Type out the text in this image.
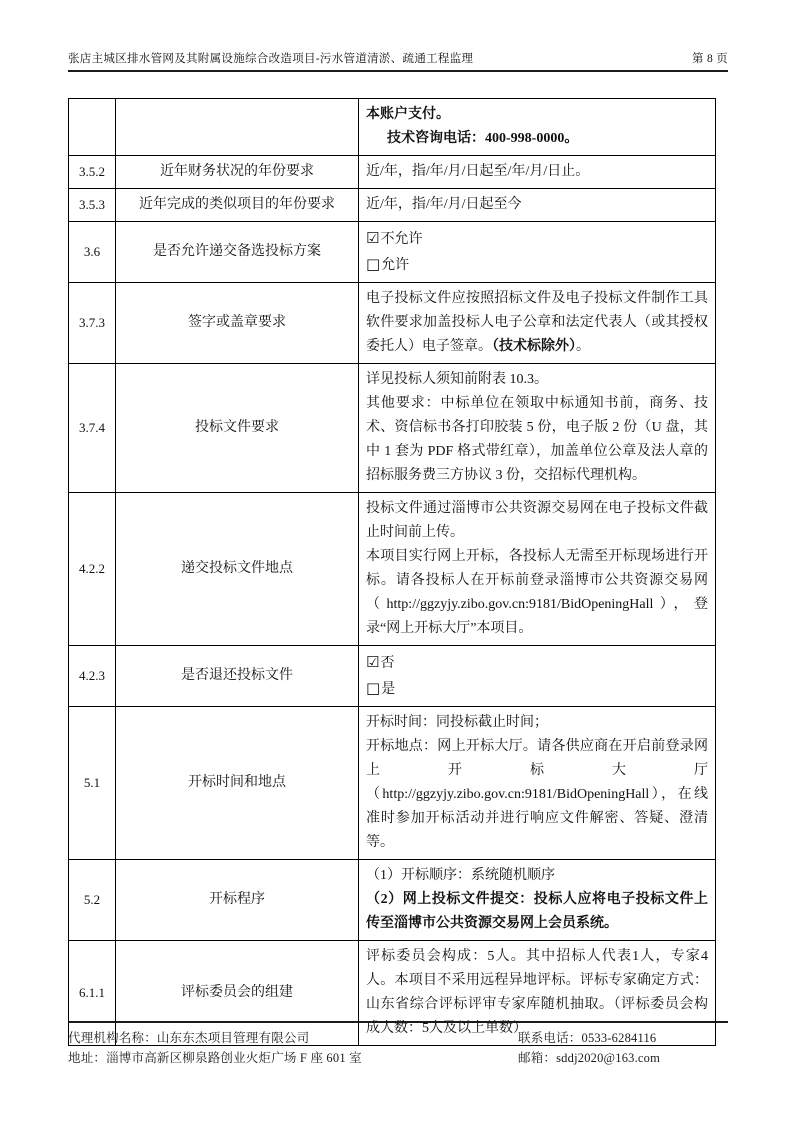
张店主城区排水管网及其附属设施综合改造项目-污水管道清淤、疏通工程监理	第 8 页

		本账户支付。

技术咨询电话：400-998-0000。

3.5.2	近年财务状况的年份要求	近/年，指/年/月/日起至/年/月/日止。

3.5.3	近年完成的类似项目的年份要求	近/年，指/年/月/日起至今

3.6	是否允许递交备选投标方案	☑不允许

□允许

3.7.3	签字或盖章要求	电子投标文件应按照招标文件及电子投标文件制作工具软件要求加盖投标人电子公章和法定代表人（或其授权委托人）电子签章。（技术标除外）。

3.7.4	投标文件要求	详见投标人须知前附表 10.3。

其他要求：中标单位在领取中标通知书前，商务、技术、资信标书各打印胶装 5 份，电子版 2 份（U 盘，其中 1 套为 PDF 格式带红章），加盖单位公章及法人章的招标服务费三方协议 3 份，交招标代理机构。

4.2.2	递交投标文件地点	投标文件通过淄博市公共资源交易网在电子投标文件截止时间前上传。

本项目实行网上开标，各投标人无需至开标现场进行开标。请各投标人在开标前登录淄博市公共资源交易网（http://ggzyjy.zibo.gov.cn:9181/BidOpeningHall），登录“网上开标大厅”本项目。

4.2.3	是否退还投标文件	☑否

□是

5.1	开标时间和地点	开标时间：同投标截止时间；

开标地点：网上开标大厅。请各供应商在开启前登录网上开标大厅（http://ggzyjy.zibo.gov.cn:9181/BidOpeningHall），在线准时参加开标活动并进行响应文件解密、答疑、澄清等。

5.2	开标程序	（1）开标顺序：系统随机顺序

（2）网上投标文件提交：投标人应将电子投标文件上传至淄博市公共资源交易网上会员系统。

6.1.1	评标委员会的组建	评标委员会构成：5人。其中招标人代表1人，专家4人。本项目不采用远程异地评标。评标专家确定方式：山东省综合评标评审专家库随机抽取。（评标委员会构成人数：5人及以上单数）

代理机构名称：山东东杰项目管理有限公司

地址：淄博市高新区柳泉路创业火炬广场 F 座 601 室

联系电话：0533-6284116

邮箱：sddj2020@163.com
